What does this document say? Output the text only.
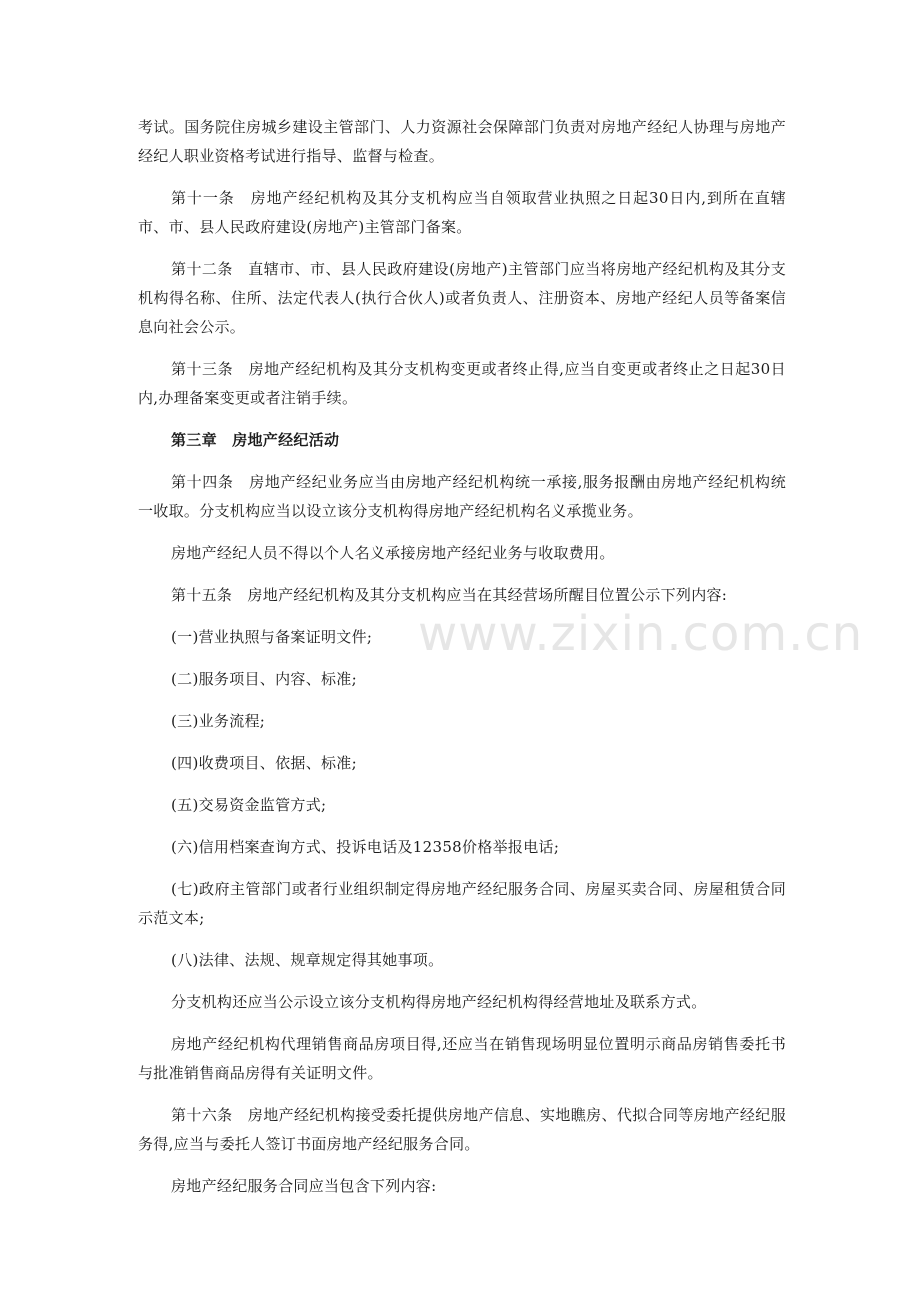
考试。国务院住房城乡建设主管部门、人力资源社会保障部门负责对房地产经纪人协理与房地产经纪人职业资格考试进行指导、监督与检查。

第十一条　房地产经纪机构及其分支机构应当自领取营业执照之日起30日内,到所在直辖市、市、县人民政府建设(房地产)主管部门备案。

第十二条　直辖市、市、县人民政府建设(房地产)主管部门应当将房地产经纪机构及其分支机构得名称、住所、法定代表人(执行合伙人)或者负责人、注册资本、房地产经纪人员等备案信息向社会公示。

第十三条　房地产经纪机构及其分支机构变更或者终止得,应当自变更或者终止之日起30日内,办理备案变更或者注销手续。

第三章　房地产经纪活动

第十四条　房地产经纪业务应当由房地产经纪机构统一承接,服务报酬由房地产经纪机构统一收取。分支机构应当以设立该分支机构得房地产经纪机构名义承揽业务。

房地产经纪人员不得以个人名义承接房地产经纪业务与收取费用。

第十五条　房地产经纪机构及其分支机构应当在其经营场所醒目位置公示下列内容:

(一)营业执照与备案证明文件;

(二)服务项目、内容、标准;

(三)业务流程;

(四)收费项目、依据、标准;

(五)交易资金监管方式;

(六)信用档案查询方式、投诉电话及12358价格举报电话;

(七)政府主管部门或者行业组织制定得房地产经纪服务合同、房屋买卖合同、房屋租赁合同示范文本;

(八)法律、法规、规章规定得其她事项。

分支机构还应当公示设立该分支机构得房地产经纪机构得经营地址及联系方式。

房地产经纪机构代理销售商品房项目得,还应当在销售现场明显位置明示商品房销售委托书与批准销售商品房得有关证明文件。

第十六条　房地产经纪机构接受委托提供房地产信息、实地瞧房、代拟合同等房地产经纪服务得,应当与委托人签订书面房地产经纪服务合同。

房地产经纪服务合同应当包含下列内容:

www.zixin.com.cn
